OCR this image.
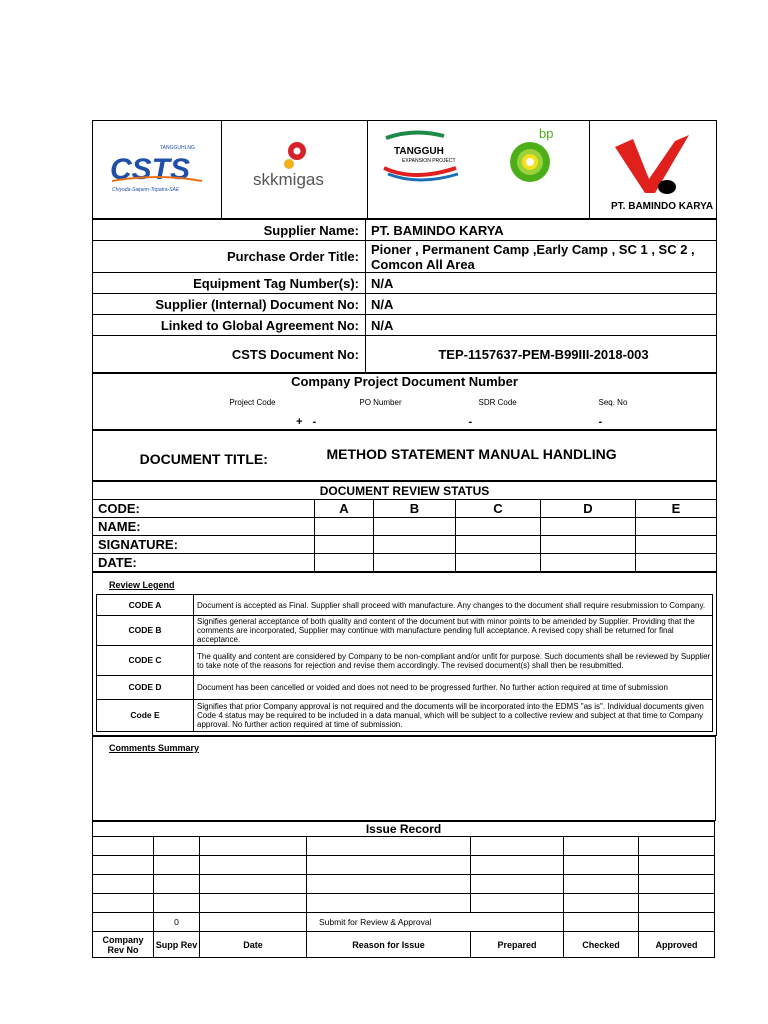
TANGGUHLNG
CSTS
Chiyoda-Saipem-Tripatra-SAE

skkmigas

TANGGUH
EXPANSION PROJECT
bp

PT. BAMINDO KARYA
Supplier Name:	PT. BAMINDO KARYA
Purchase Order Title:	Pioner , Permanent Camp ,Early Camp , SC 1 , SC 2 , Comcon All Area
Equipment Tag Number(s):	N/A
Supplier (Internal) Document No:	N/A
Linked to Global Agreement No:	N/A
CSTS Document No:	TEP-1157637-PEM-B99III-2018-003
Company Project Document Number				
	Project Code	PO Number	SDR Code	Seq. No
	+	-	-	-
DOCUMENT TITLE:	METHOD STATEMENT MANUAL HANDLING
DOCUMENT REVIEW STATUS					
CODE:	A	B	C	D	E
NAME:					
SIGNATURE:					
DATE:					
Review Legend			
	CODE A	Document is accepted as Final. Supplier shall proceed with manufacture. Any changes to the document shall require resubmission to Company.	
	CODE B	Signifies general acceptance of both quality and content of the document but with minor points to be amended by Supplier. Providing that the comments are incorporated, Supplier may continue with manufacture pending full acceptance. A revised copy shall be returned for final acceptance.	
	CODE C	The quality and content are considered by Company to be non-compliant and/or unfit for purpose. Such documents shall be reviewed by Supplier to take note of the reasons for rejection and revise them accordingly. The revised document(s) shall then be resubmitted.	
	CODE D	Document has been cancelled or voided and does not need to be progressed further. No further action required at time of submission	
	Code E	Signifies that prior Company approval is not required and the documents will be incorporated into the EDMS "as is". Individual documents given Code 4 status may be required to be included in a data manual, which will be subject to a collective review and subject at that time to Company approval. No further action required at time of submission.	

Comments Summary
Issue Record						

	0		Submit for Review & Approval			
Company Rev No	Supp Rev	Date	Reason for Issue	Prepared	Checked	Approved
